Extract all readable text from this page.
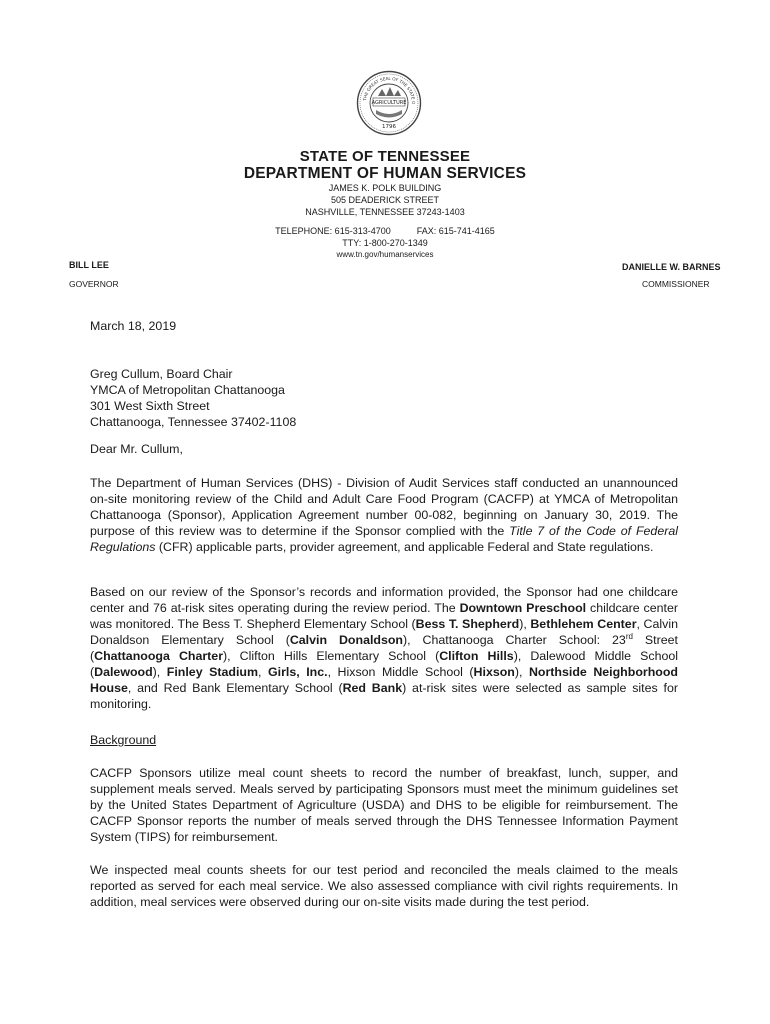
THE GREAT SEAL OF THE STATE O
AGRICULTURE
1796
STATE OF TENNESSEE
DEPARTMENT OF HUMAN SERVICES
JAMES K. POLK BUILDING
505 DEADERICK STREET
NASHVILLE, TENNESSEE 37243-1403
TELEPHONE: 615-313-4700	FAX: 615-741-4165
TTY: 1-800-270-1349
www.tn.gov/humanservices
BILL LEE
GOVERNOR
DANIELLE W. BARNES
COMMISSIONER
March 18, 2019
Greg Cullum, Board Chair
YMCA of Metropolitan Chattanooga
301 West Sixth Street
Chattanooga, Tennessee 37402-1108
Dear Mr. Cullum,

The Department of Human Services (DHS) - Division of Audit Services staff conducted an unannounced on-site monitoring review of the Child and Adult Care Food Program (CACFP) at YMCA of Metropolitan Chattanooga (Sponsor), Application Agreement number 00-082, beginning on January 30, 2019. The purpose of this review was to determine if the Sponsor complied with the Title 7 of the Code of Federal Regulations (CFR) applicable parts, provider agreement, and applicable Federal and State regulations.

Based on our review of the Sponsor’s records and information provided, the Sponsor had one childcare center and 76 at-risk sites operating during the review period. The Downtown Preschool childcare center was monitored. The Bess T. Shepherd Elementary School (Bess T. Shepherd), Bethlehem Center, Calvin Donaldson Elementary School (Calvin Donaldson), Chattanooga Charter School: 23rd Street (Chattanooga Charter), Clifton Hills Elementary School (Clifton Hills), Dalewood Middle School (Dalewood), Finley Stadium, Girls, Inc., Hixson Middle School (Hixson), Northside Neighborhood House, and Red Bank Elementary School (Red Bank) at-risk sites were selected as sample sites for monitoring.

Background

CACFP Sponsors utilize meal count sheets to record the number of breakfast, lunch, supper, and supplement meals served. Meals served by participating Sponsors must meet the minimum guidelines set by the United States Department of Agriculture (USDA) and DHS to be eligible for reimbursement. The CACFP Sponsor reports the number of meals served through the DHS Tennessee Information Payment System (TIPS) for reimbursement.

We inspected meal counts sheets for our test period and reconciled the meals claimed to the meals reported as served for each meal service. We also assessed compliance with civil rights requirements. In addition, meal services were observed during our on-site visits made during the test period.
